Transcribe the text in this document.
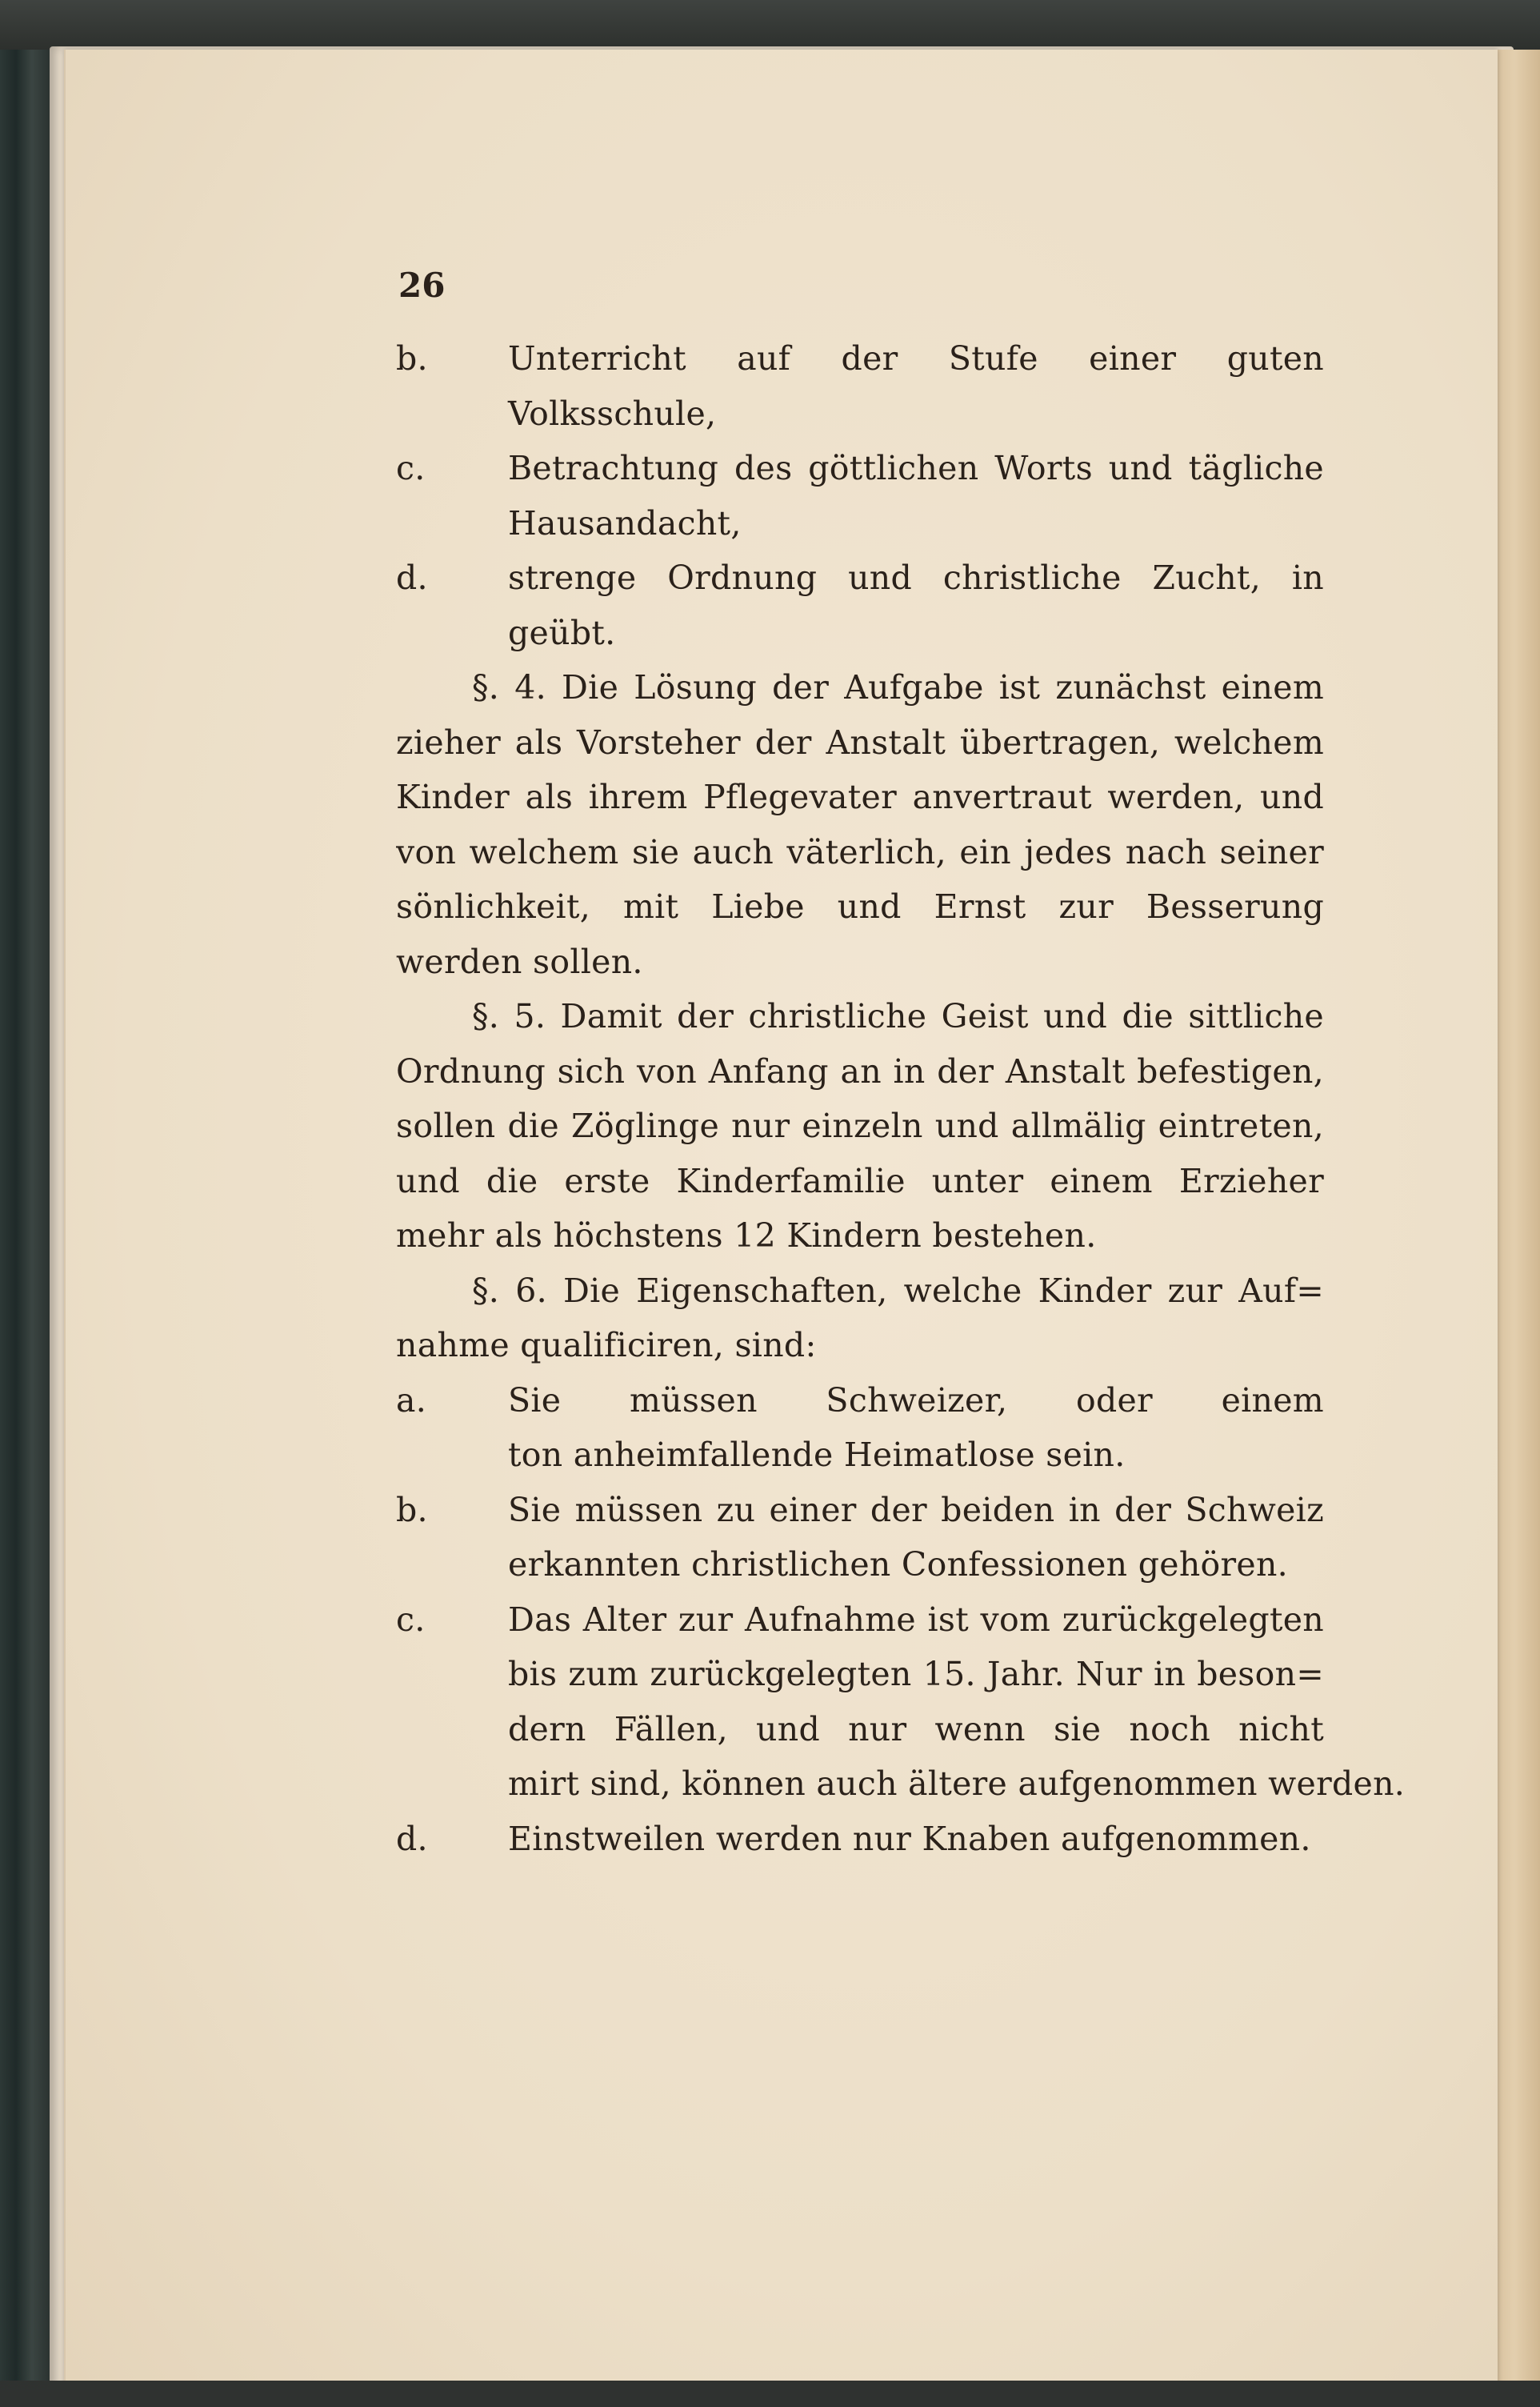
26
b.	Unterricht auf der Stufe einer guten
Volksschule,
c.	Betrachtung des göttlichen Worts und tägliche
Hausandacht,
d.	strenge Ordnung und christliche Zucht, in
geübt.
§. 4. Die Lösung der Aufgabe ist zunächst einem
zieher als Vorsteher der Anstalt übertragen, welchem
Kinder als ihrem Pflegevater anvertraut werden, und
von welchem sie auch väterlich, ein jedes nach seiner
sönlichkeit, mit Liebe und Ernst zur Besserung
werden sollen.
§. 5. Damit der christliche Geist und die sittliche
Ordnung sich von Anfang an in der Anstalt befestigen,
sollen die Zöglinge nur einzeln und allmälig eintreten,
und die erste Kinderfamilie unter einem Erzieher
mehr als höchstens 12 Kindern bestehen.
§. 6. Die Eigenschaften, welche Kinder zur Auf=
nahme qualificiren, sind:
a.	Sie müssen Schweizer, oder einem
ton anheimfallende Heimatlose sein.
b.	Sie müssen zu einer der beiden in der Schweiz
erkannten christlichen Confessionen gehören.
c.	Das Alter zur Aufnahme ist vom zurückgelegten
bis zum zurückgelegten 15. Jahr. Nur in beson=
dern Fällen, und nur wenn sie noch nicht
mirt sind, können auch ältere aufgenommen werden.
d.	Einstweilen werden nur Knaben aufgenommen.
